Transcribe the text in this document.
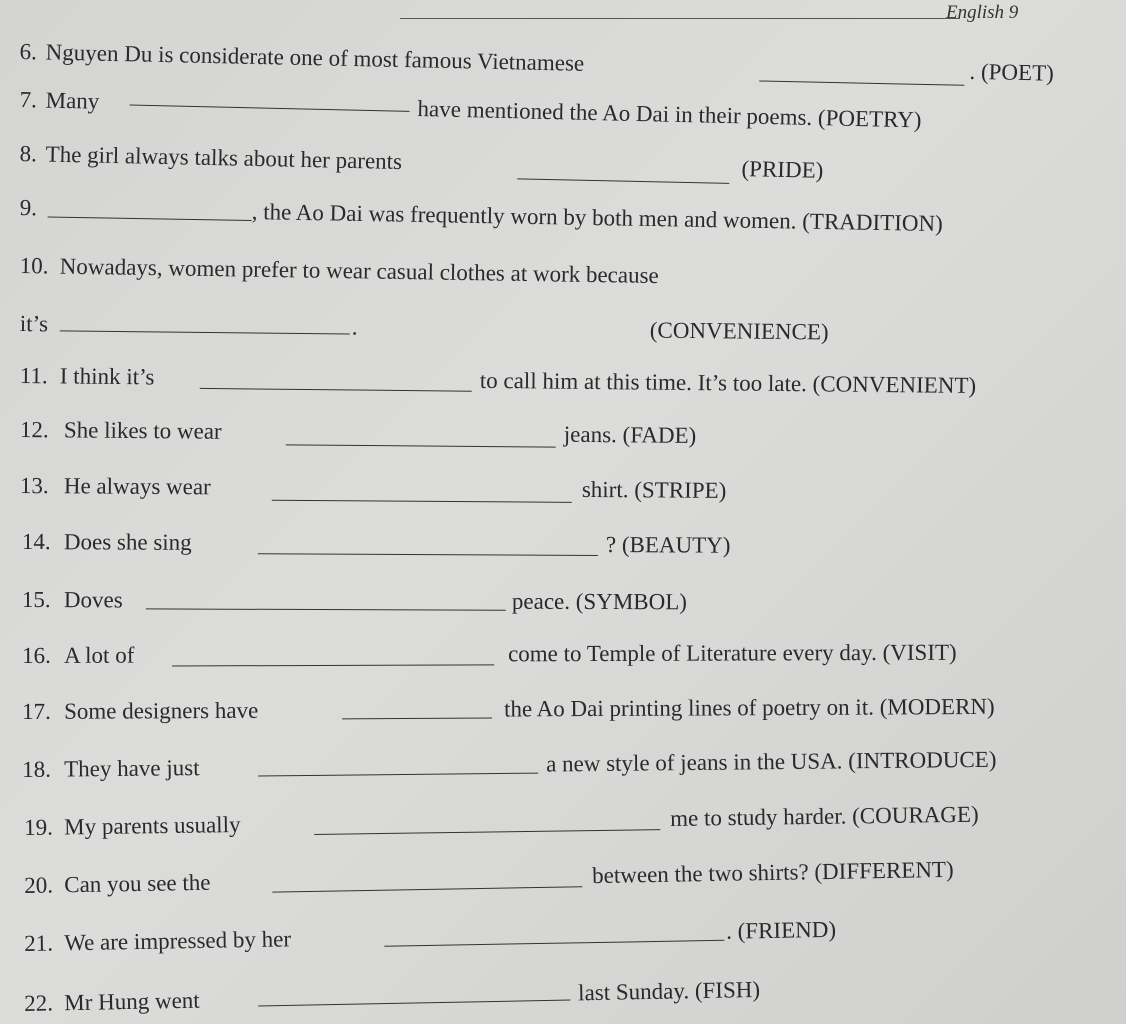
English 9
6. Nguyen Du is considerate one of most famous Vietnamese	. (POET)
7. Many	have mentioned the Ao Dai in their poems. (POETRY)
8. The girl always talks about her parents	(PRIDE)
9.	, the Ao Dai was frequently worn by both men and women. (TRADITION)
10. Nowadays, women prefer to wear casual clothes at work because
it’s	.	(CONVENIENCE)
11. I think it’s	to call him at this time. It’s too late. (CONVENIENT)
12. She likes to wear	jeans. (FADE)
13. He always wear	shirt. (STRIPE)
14. Does she sing	? (BEAUTY)
15. Doves	peace. (SYMBOL)
16. A lot of	come to Temple of Literature every day. (VISIT)
17. Some designers have	the Ao Dai printing lines of poetry on it. (MODERN)
18. They have just	a new style of jeans in the USA. (INTRODUCE)
19. My parents usually	me to study harder. (COURAGE)
20. Can you see the	between the two shirts? (DIFFERENT)
21. We are impressed by her	. (FRIEND)
22. Mr Hung went	last Sunday. (FISH)
